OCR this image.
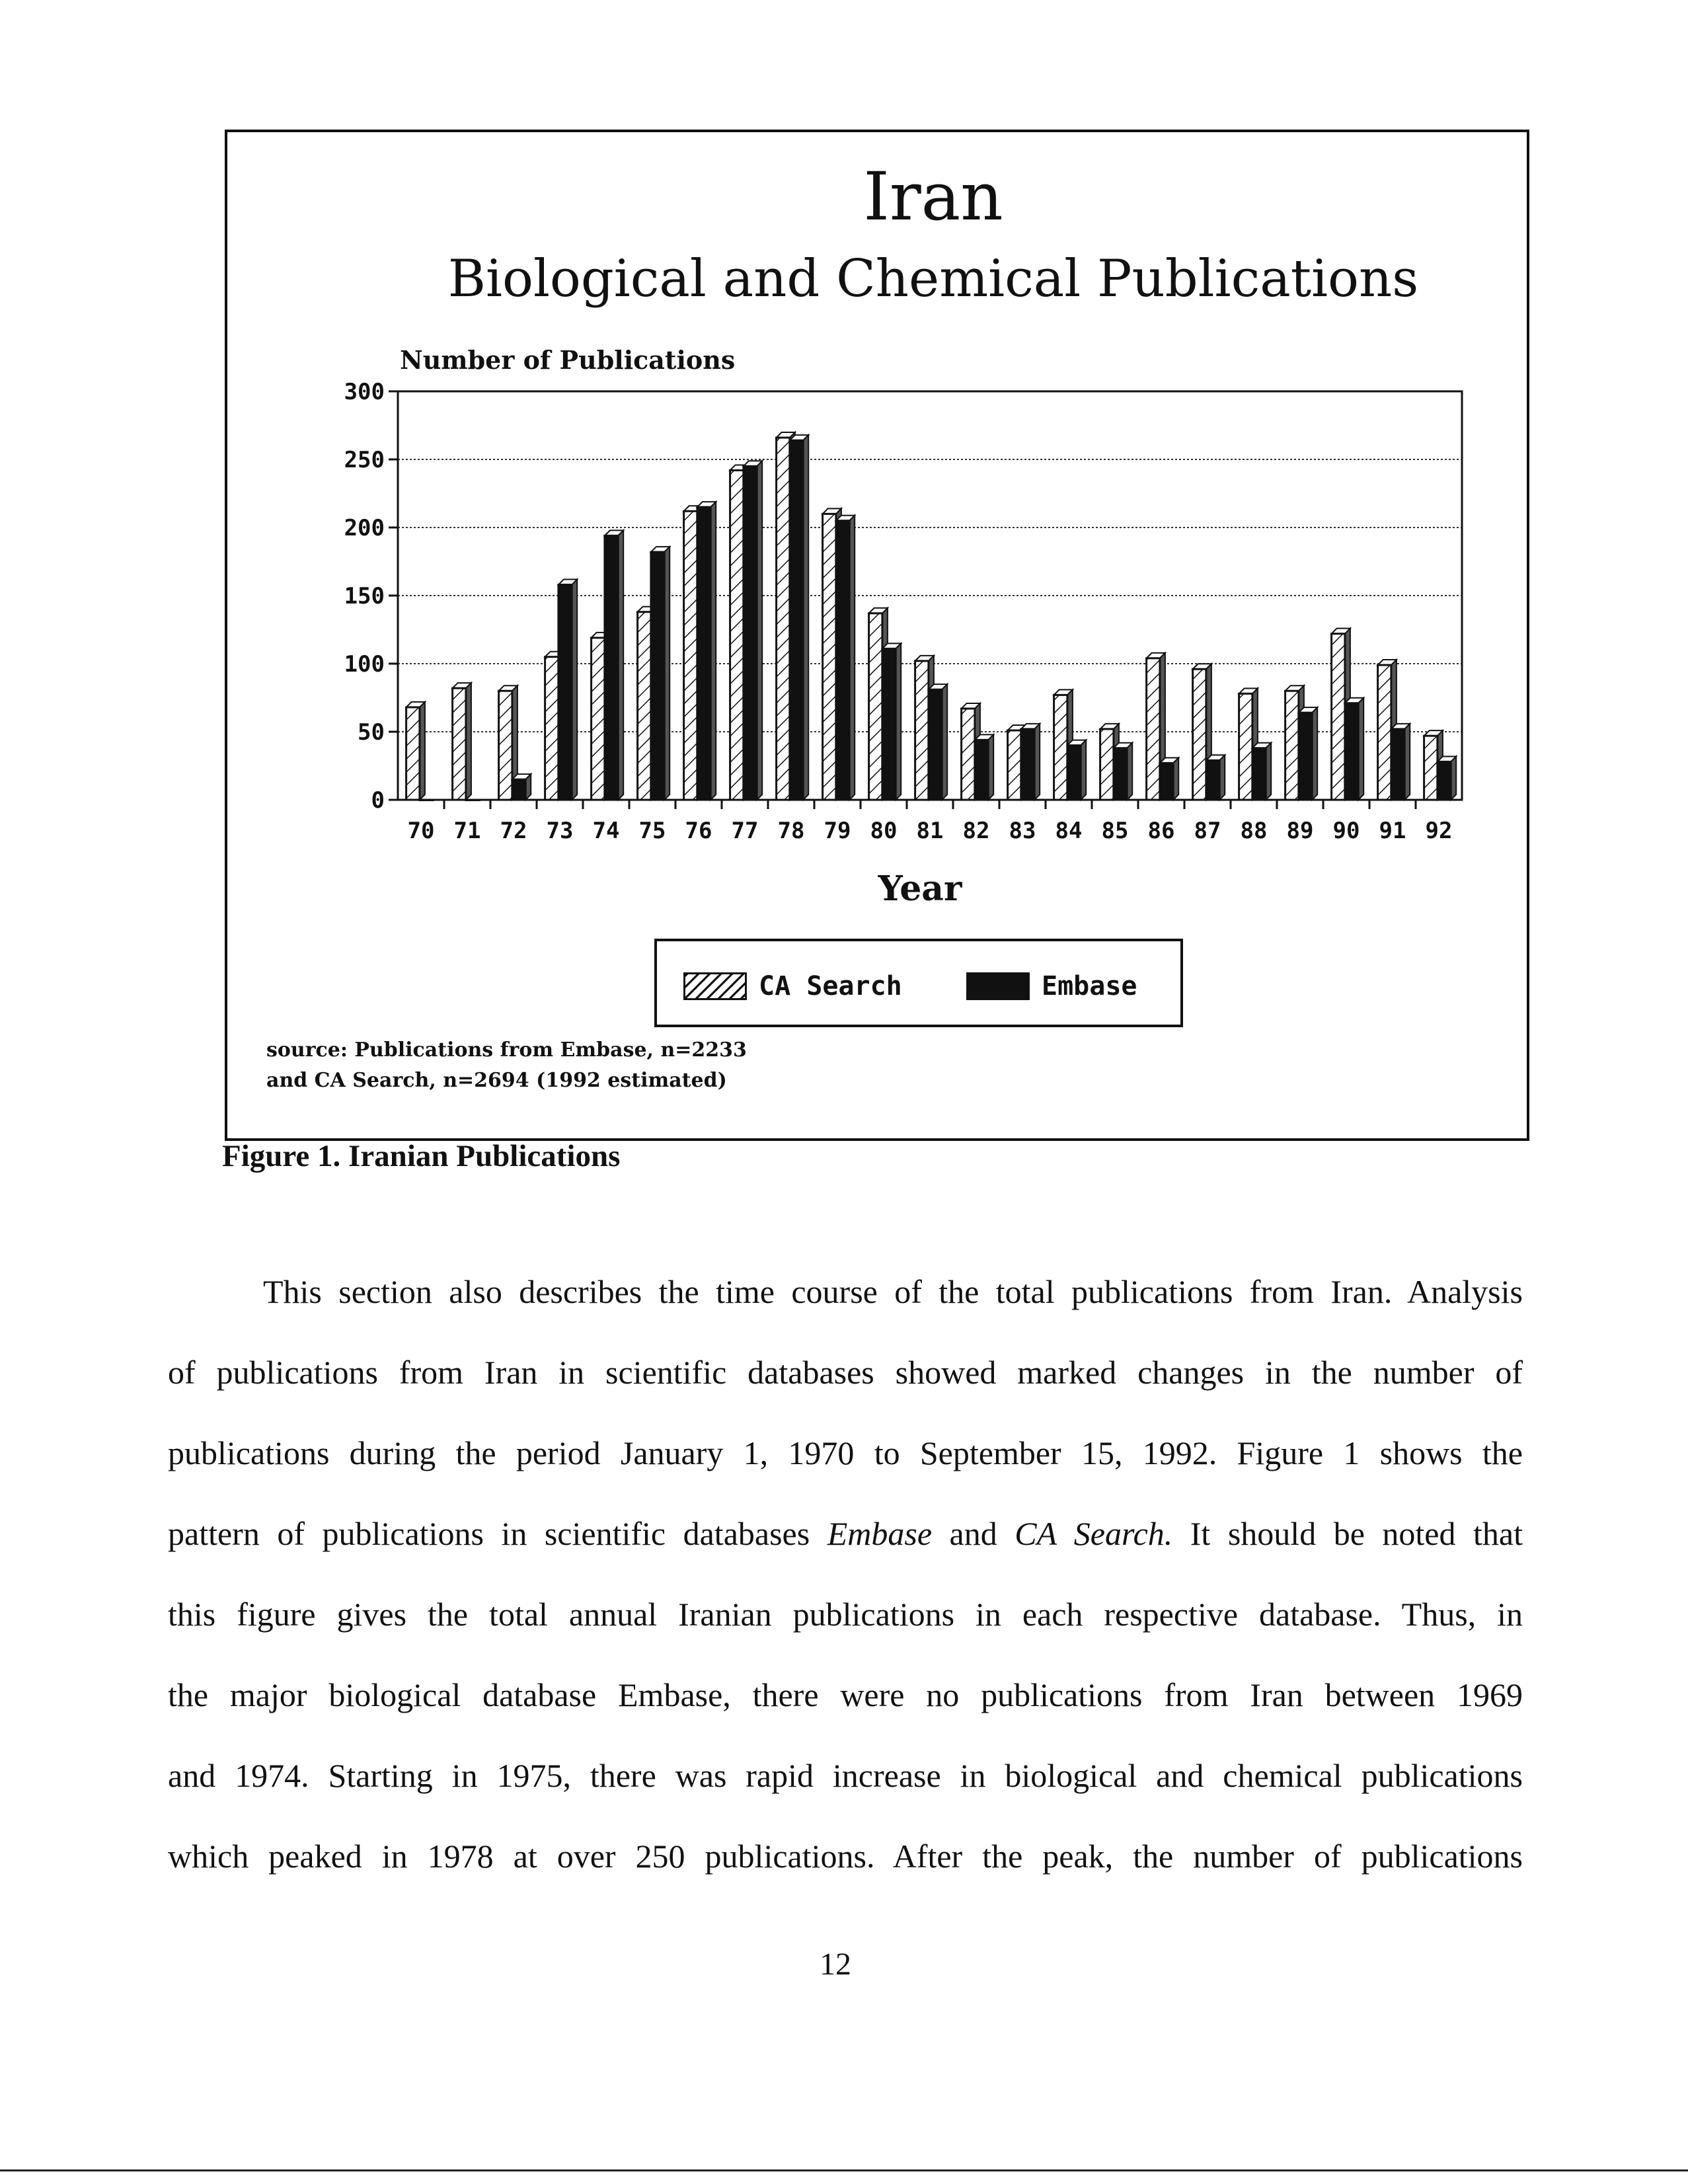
Iran
Biological and Chemical Publications
Number of Publications
Year
0
50
100
150
200
250
300
70 71 72 73 74 75 76 77 78 79 80 81 82 83 84 85 86 87 88 89 90 91 92
CA Search	Embase
source: Publications from Embase, n=2233
and CA Search, n=2694 (1992 estimated)
Figure 1. Iranian Publications
This section also describes the time course of the total publications from Iran. Analysis
of publications from Iran in scientific databases showed marked changes in the number of
publications during the period January 1, 1970 to September 15, 1992. Figure 1 shows the
pattern of publications in scientific databases Embase and CA Search. It should be noted that
this figure gives the total annual Iranian publications in each respective database. Thus, in
the major biological database Embase, there were no publications from Iran between 1969
and 1974. Starting in 1975, there was rapid increase in biological and chemical publications
which peaked in 1978 at over 250 publications. After the peak, the number of publications
12
